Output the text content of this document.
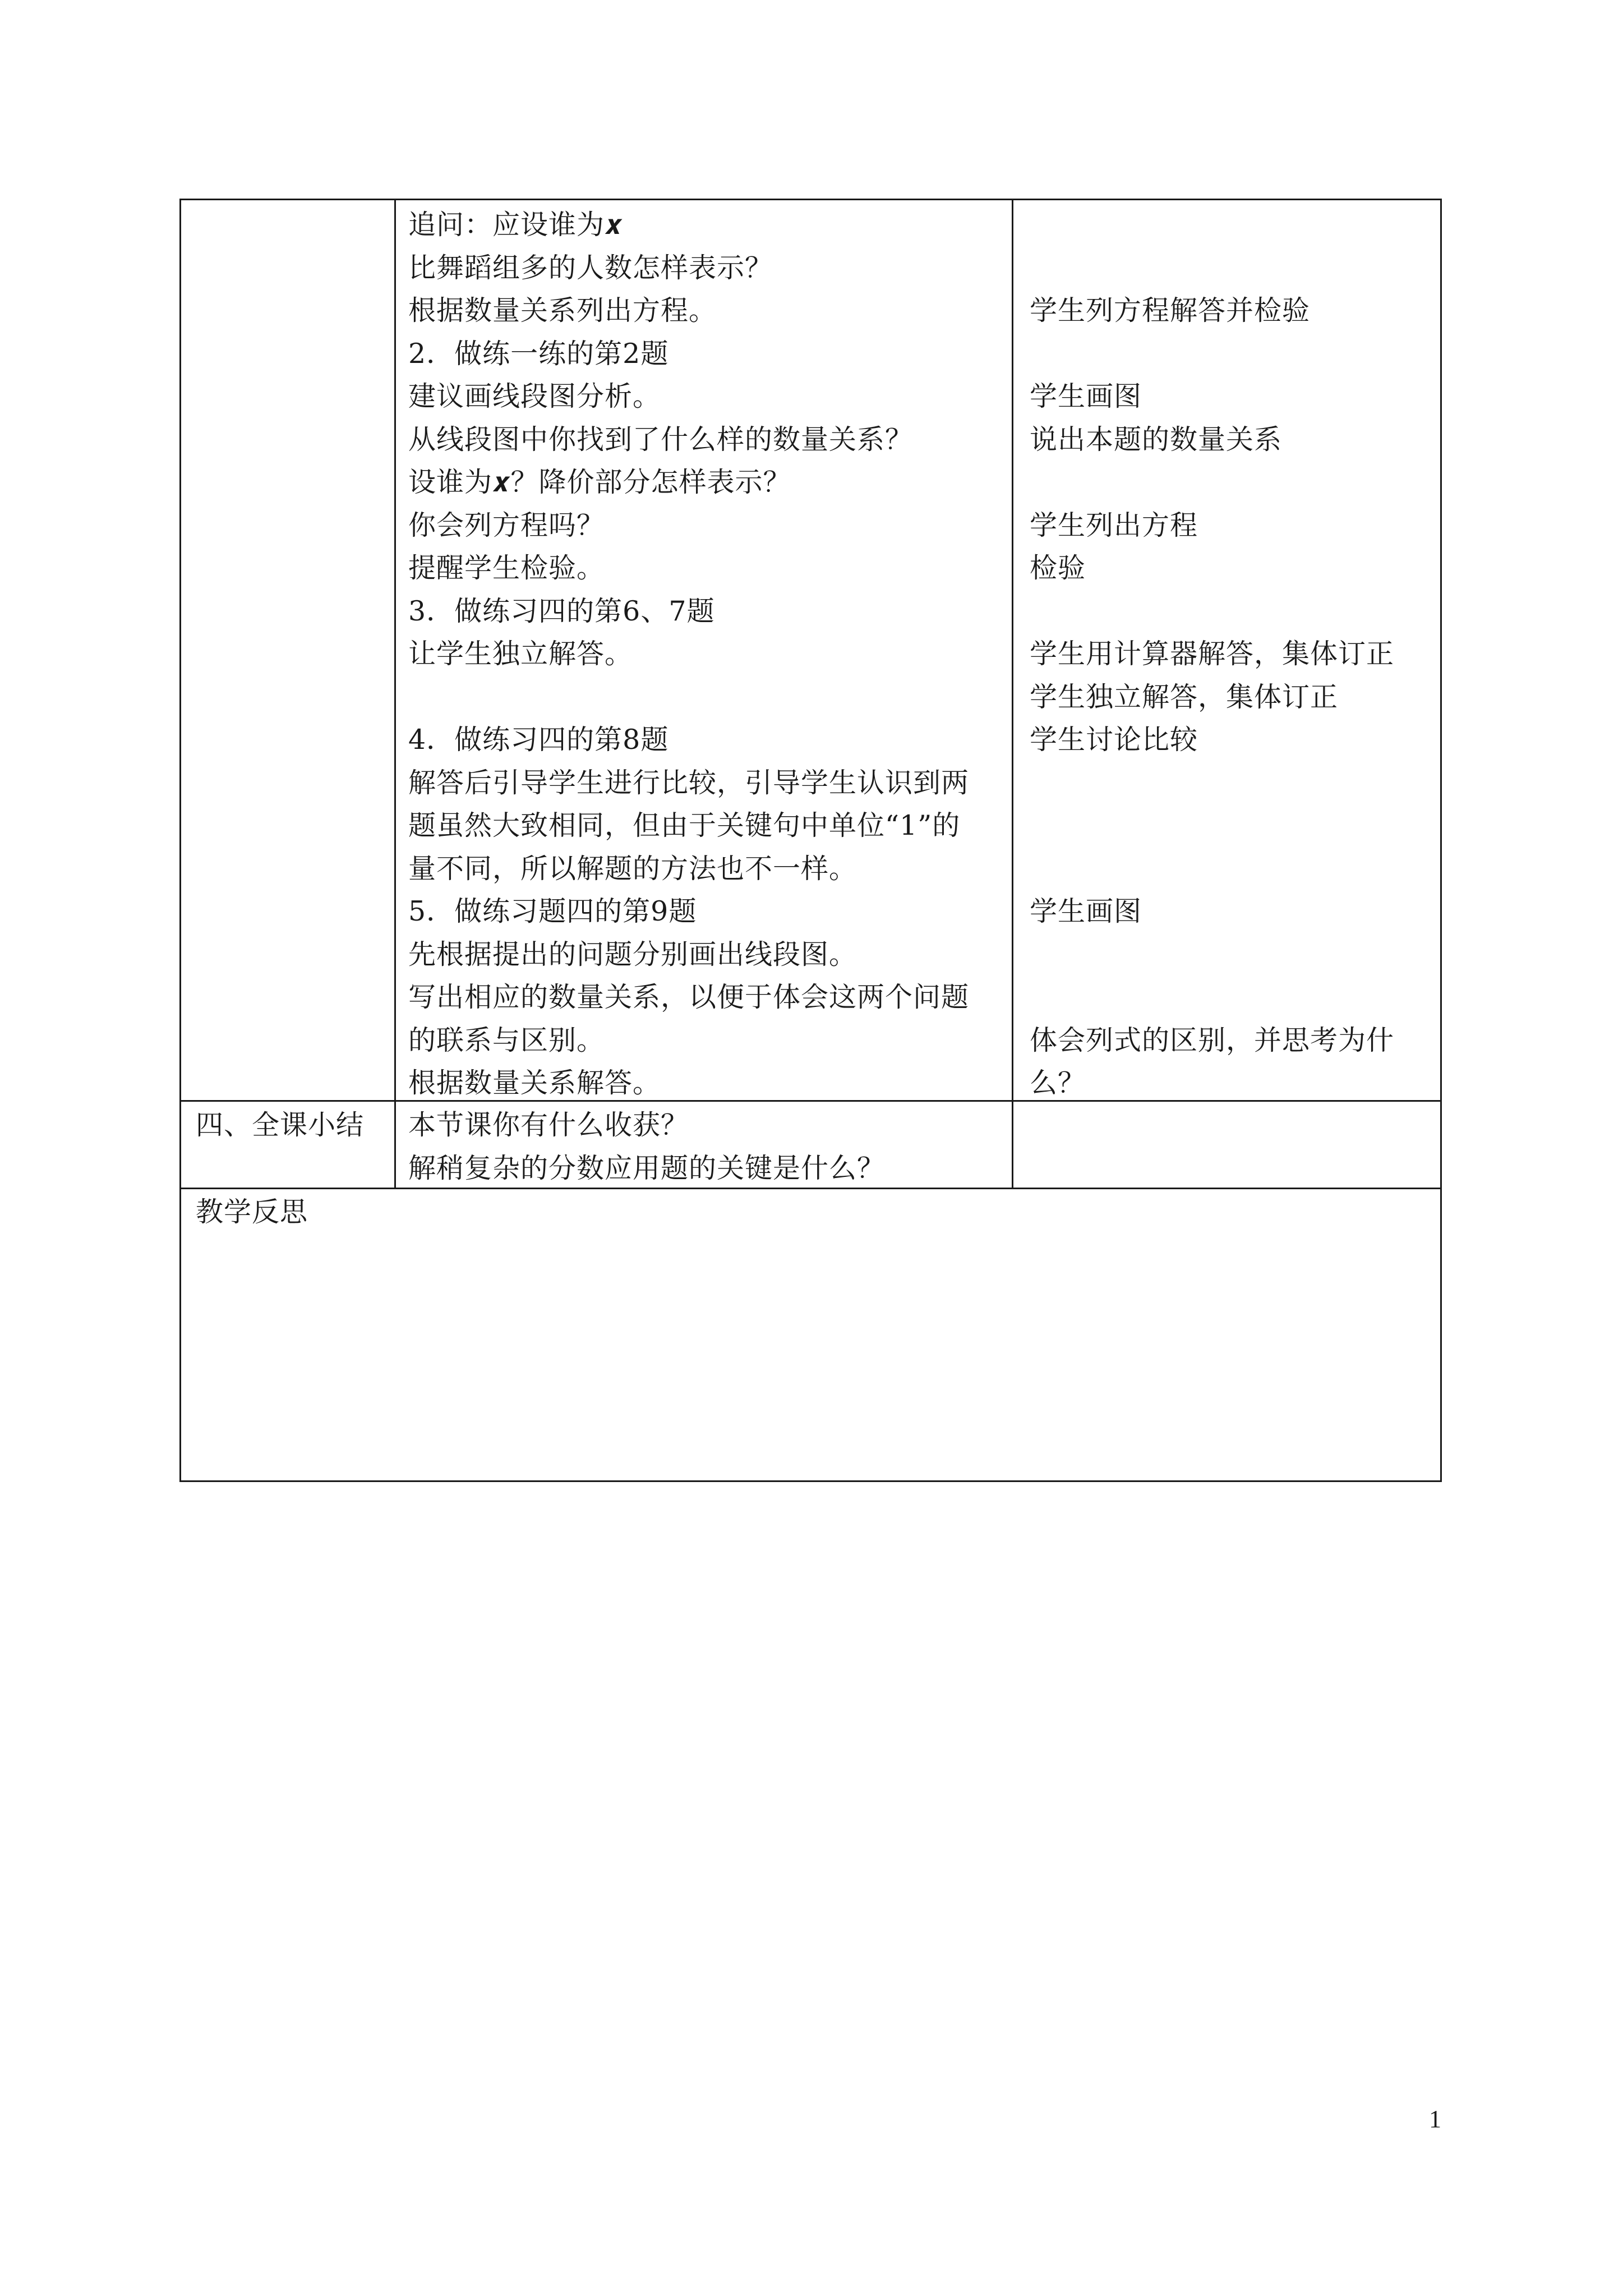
追问：应设谁为𝒙
比舞蹈组多的人数怎样表示？
根据数量关系列出方程。
2．做练一练的第2题
建议画线段图分析。
从线段图中你找到了什么样的数量关系？
设谁为𝒙？降价部分怎样表示？
你会列方程吗？
提醒学生检验。
3．做练习四的第6、7题
让学生独立解答。
4．做练习四的第8题
解答后引导学生进行比较，引导学生认识到两
题虽然大致相同，但由于关键句中单位“1”的
量不同，所以解题的方法也不一样。
5．做练习题四的第9题
先根据提出的问题分别画出线段图。
写出相应的数量关系，以便于体会这两个问题
的联系与区别。
根据数量关系解答。
学生列方程解答并检验
学生画图
说出本题的数量关系
学生列出方程
检验
学生用计算器解答，集体订正
学生独立解答，集体订正
学生讨论比较
学生画图
体会列式的区别，并思考为什
么？
四、全课小结 本节课你有什么收获？
解稍复杂的分数应用题的关键是什么？
教学反思
1
